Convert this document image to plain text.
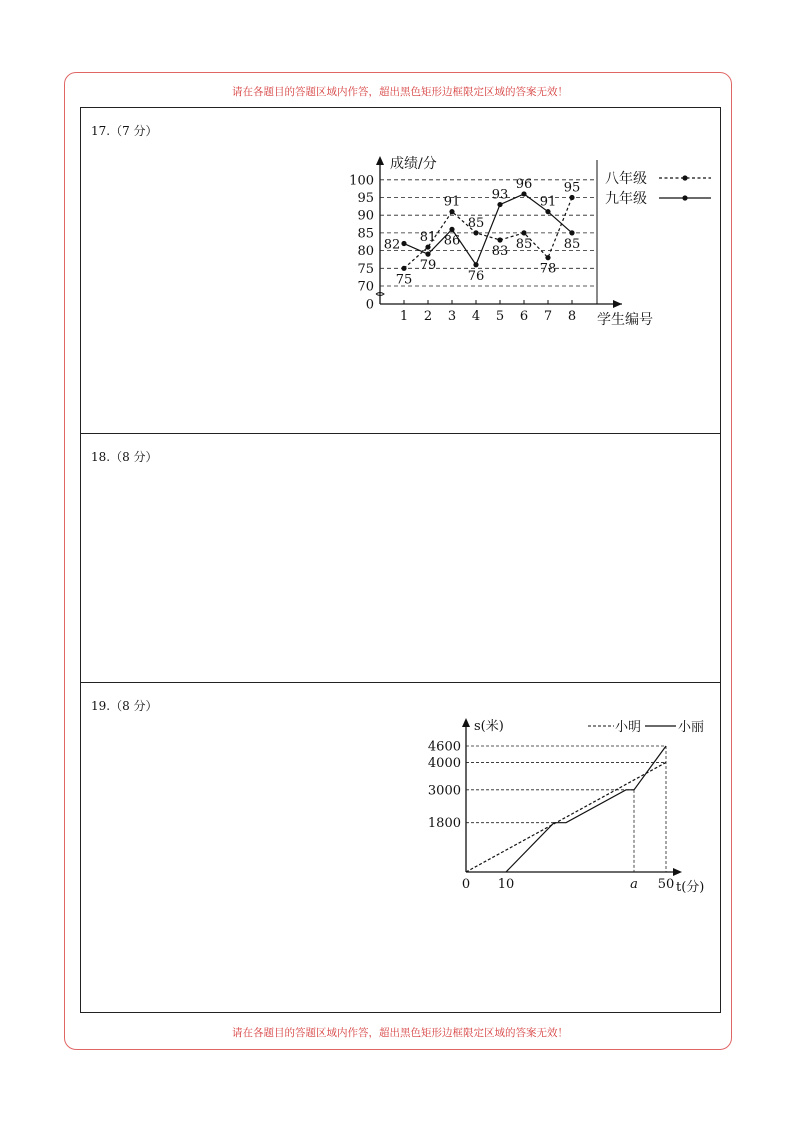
请在各题目的答题区域内作答，超出黑色矩形边框限定区域的答案无效！
17.（7 分）
18.（8 分）
19.（8 分）
0
70
75
80
85
90
95
100
1 2 3 4 5 6 7 8
成绩/分
学生编号
82
75
81
79
91
86
85
76
93
83
96
85
91
78
95
85
八年级
九年级
1800
3000
4000
4600
0 10	a 50
s(米)
t(分)
小明	小丽
请在各题目的答题区域内作答，超出黑色矩形边框限定区域的答案无效！
